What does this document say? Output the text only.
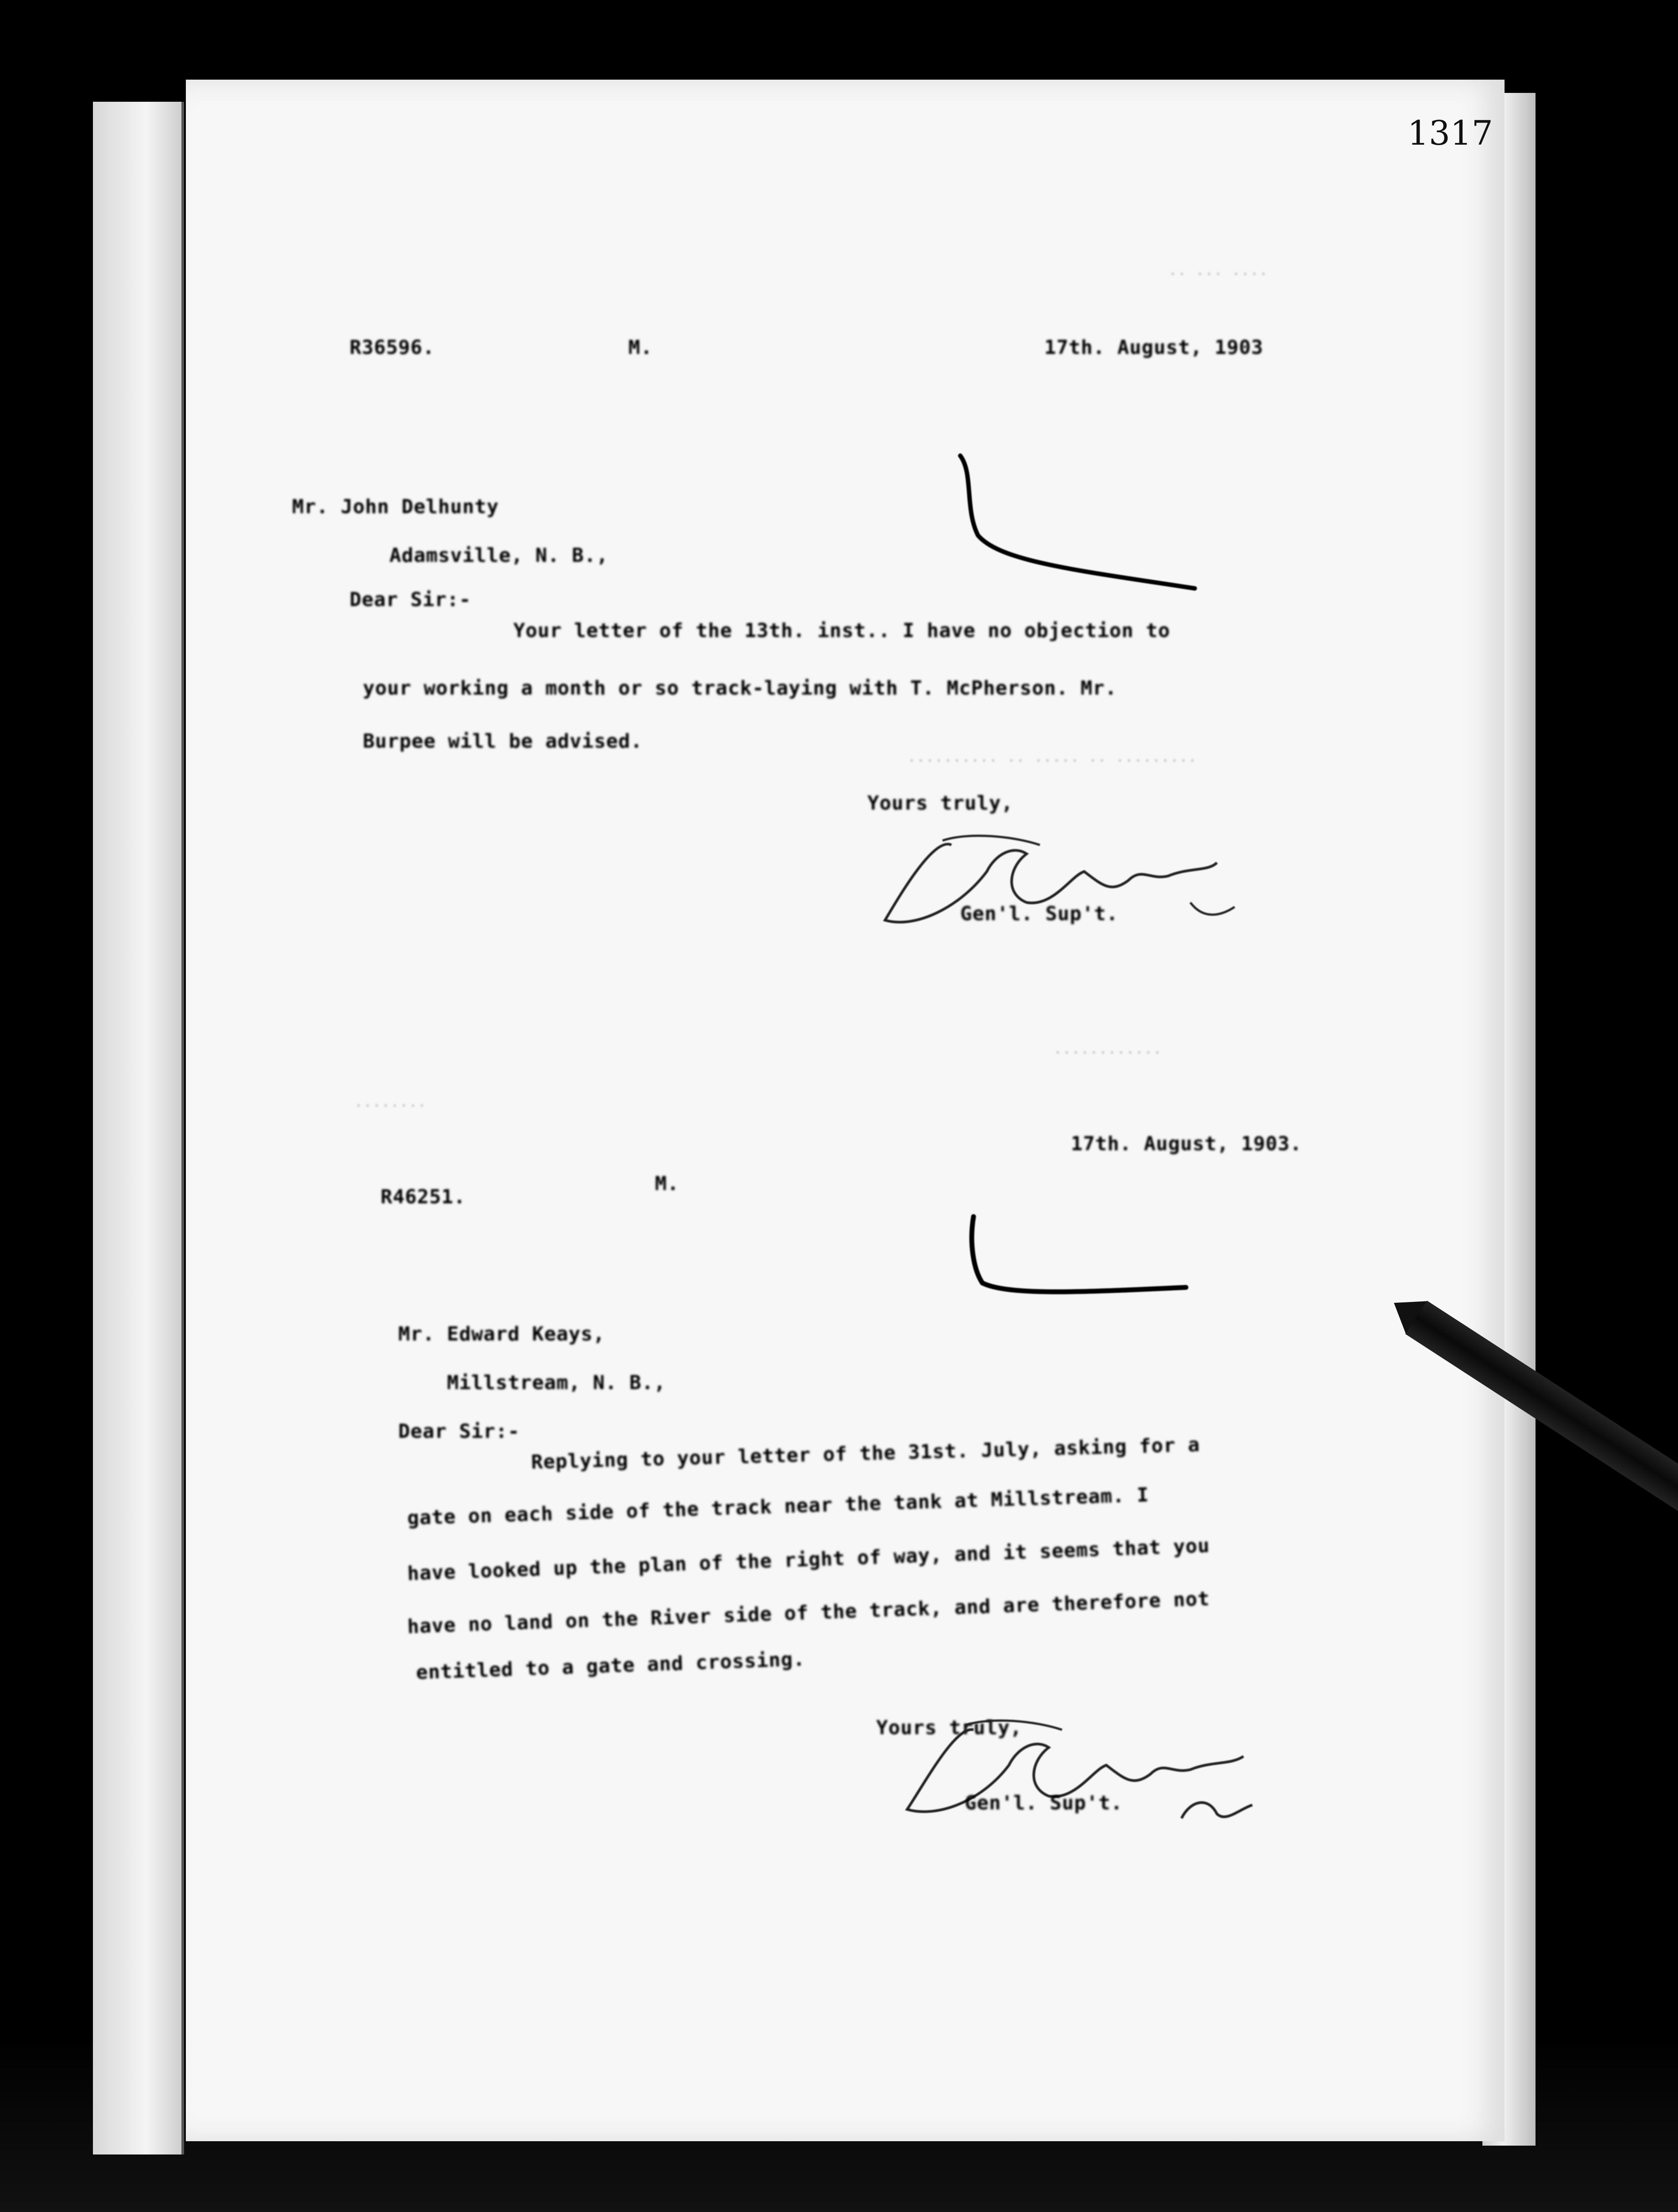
1317

R36596.	M.	17th. August, 1903

Mr. John Delhunty

Adamsville, N. B.,

Dear Sir:-

Your letter of the 13th. inst.. I have no objection to

your working a month or so track-laying with T. McPherson. Mr.

Burpee will be advised.

Yours truly,

Gen'l. Sup't.

·· ··· ····

·········· ·· ····· ·· ·········

········

············

17th. August, 1903.

R46251.

M.

Mr. Edward Keays,

Millstream, N. B.,

Dear Sir:-

Replying to your letter of the 31st. July, asking for a

gate on each side of the track near the tank at Millstream. I

have looked up the plan of the right of way, and it seems that you

have no land on the River side of the track, and are therefore not

entitled to a gate and crossing.

Yours truly,

Gen'l. Sup't.
